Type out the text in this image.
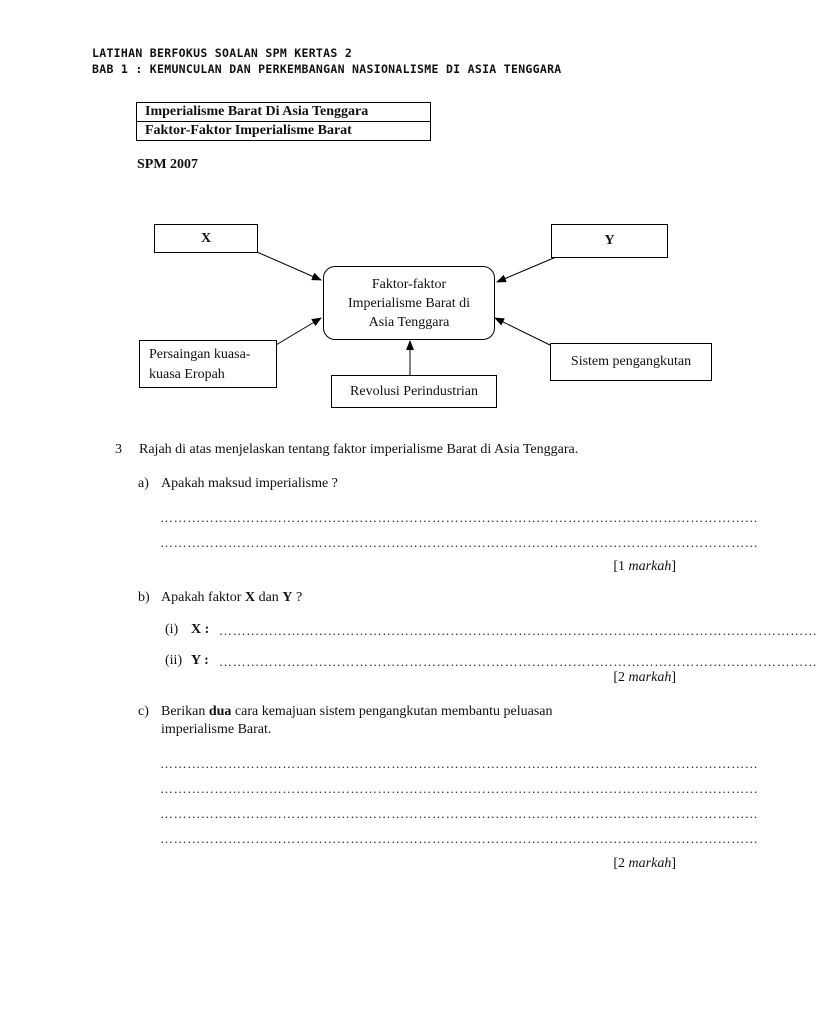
LATIHAN BERFOKUS SOALAN SPM KERTAS 2
BAB 1 : KEMUNCULAN DAN PERKEMBANGAN NASIONALISME DI ASIA TENGGARA
Imperialisme Barat Di Asia Tenggara
Faktor-Faktor Imperialisme Barat
SPM 2007
X	Y
Faktor-faktor
Imperialisme Barat di
Asia Tenggara
Persaingan kuasa-
kuasa Eropah
Sistem pengangkutan
Revolusi Perindustrian
3 Rajah di atas menjelaskan tentang faktor imperialisme Barat di Asia Tenggara.
a) Apakah maksud imperialisme ?
……………………………………………………………………………………………………………………
……………………………………………………………………………………………………………………
[1 markah]
b) Apakah faktor X dan Y ?
(i) X : ……………………………………………………………………………………………………………………
(ii) Y : ……………………………………………………………………………………………………………………
[2 markah]
c) Berikan dua cara kemajuan sistem pengangkutan membantu peluasan
imperialisme Barat.
……………………………………………………………………………………………………………………
……………………………………………………………………………………………………………………
……………………………………………………………………………………………………………………
……………………………………………………………………………………………………………………
[2 markah]
